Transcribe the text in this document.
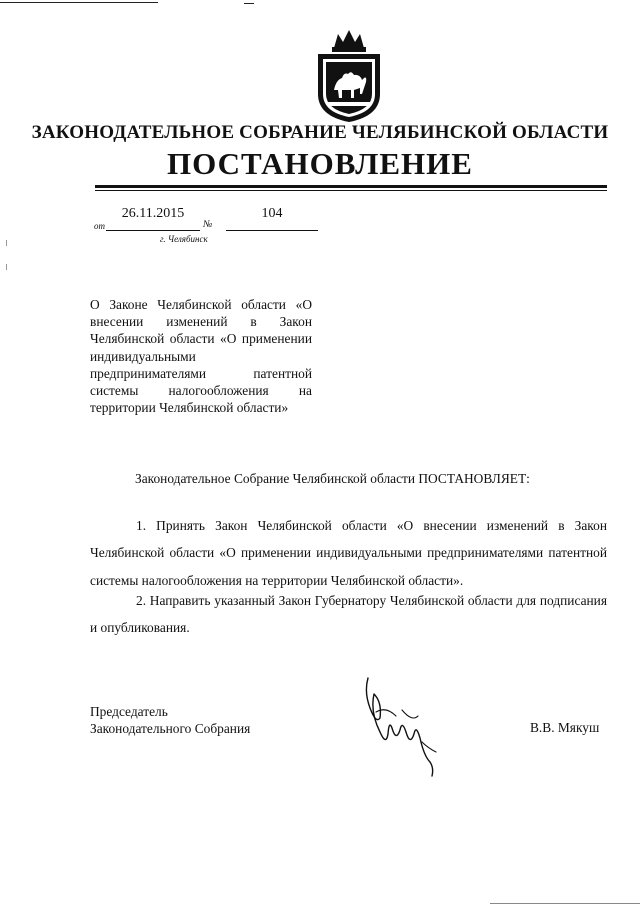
ЗАКОНОДАТЕЛЬНОЕ СОБРАНИЕ ЧЕЛЯБИНСКОЙ ОБЛАСТИ
ПОСТАНОВЛЕНИЕ
от
26.11.2015
№
104
г. Челябинск
О Законе Челябинской области «О внесении изменений в Закон Челябинской области «О применении индивидуальными предпринимателями патентной системы налогообложения на территории Челябинской области»
Законодательное Собрание Челябинской области ПОСТАНОВЛЯЕТ:
1. Принять Закон Челябинской области «О внесении изменений в Закон Челябинской области «О применении индивидуальными предпринимателями патентной системы налогообложения на территории Челябинской области».
2. Направить указанный Закон Губернатору Челябинской области для подписания и опубликования.
Председатель
Законодательного Собрания	В.В. Мякуш
